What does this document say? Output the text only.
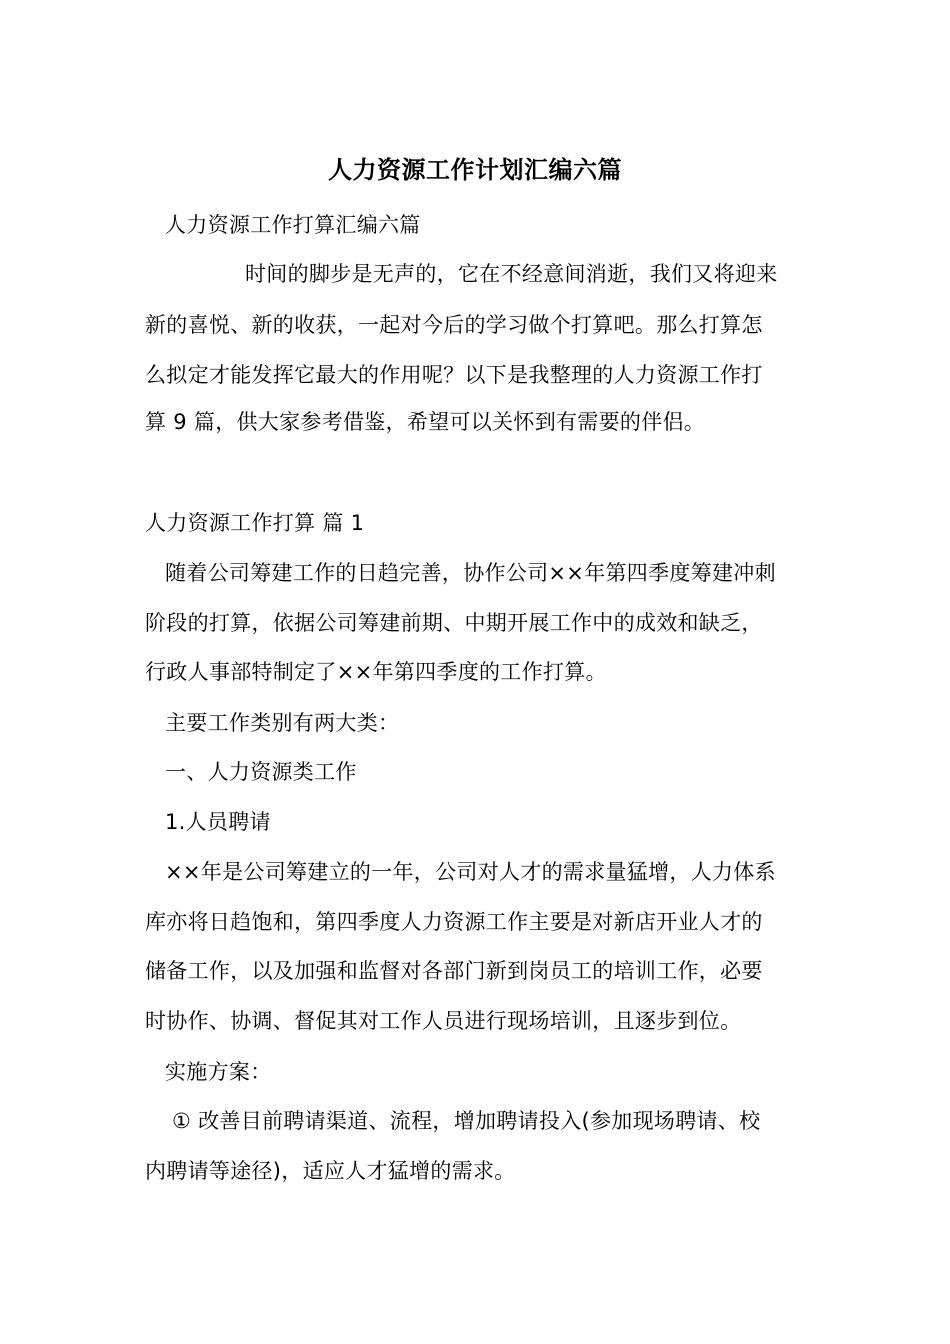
人力资源工作计划汇编六篇
人力资源工作打算汇编六篇
时间的脚步是无声的，它在不经意间消逝，我们又将迎来
新的喜悦、新的收获，一起对今后的学习做个打算吧。那么打算怎
么拟定才能发挥它最大的作用呢？以下是我整理的人力资源工作打
算 9 篇，供大家参考借鉴，希望可以关怀到有需要的伴侣。
人力资源工作打算 篇 1
随着公司筹建工作的日趋完善，协作公司××年第四季度筹建冲刺
阶段的打算，依据公司筹建前期、中期开展工作中的成效和缺乏，
行政人事部特制定了××年第四季度的工作打算。
主要工作类别有两大类：
一、人力资源类工作
1.人员聘请
××年是公司筹建立的一年，公司对人才的需求量猛增，人力体系
库亦将日趋饱和，第四季度人力资源工作主要是对新店开业人才的
储备工作，以及加强和监督对各部门新到岗员工的培训工作，必要
时协作、协调、督促其对工作人员进行现场培训，且逐步到位。
实施方案：
① 改善目前聘请渠道、流程，增加聘请投入(参加现场聘请、校
内聘请等途径)，适应人才猛增的需求。
